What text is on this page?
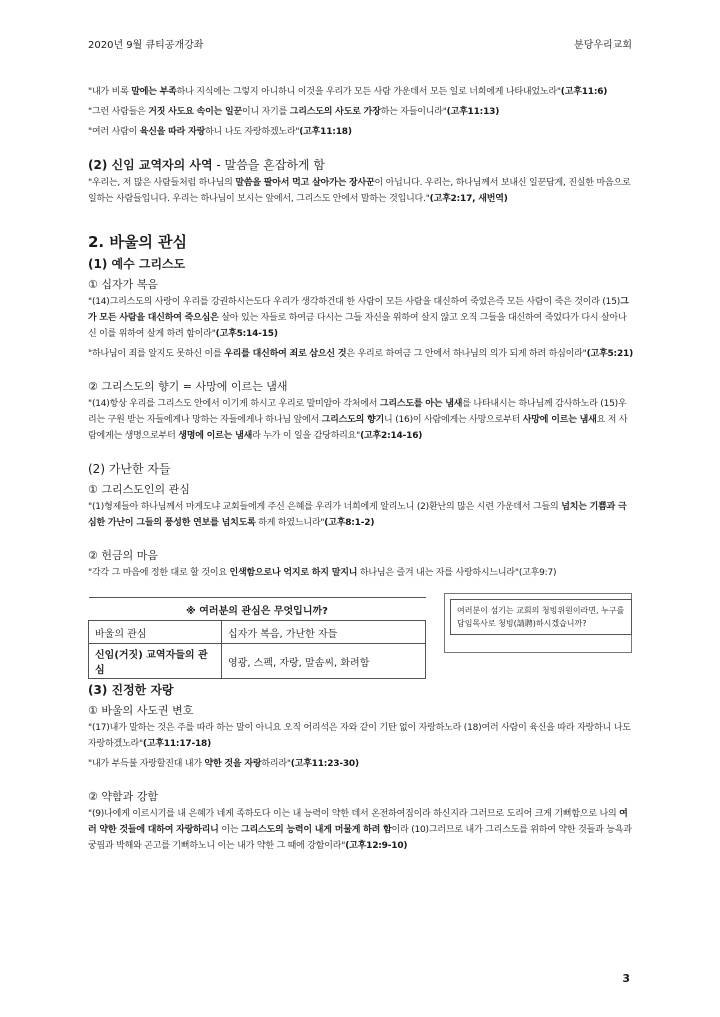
2020년 9월 큐티공개강좌	분당우리교회

"내가 비록 말에는 부족하나 지식에는 그렇지 아니하니 이것을 우리가 모든 사람 가운데서 모든 일로 너희에게 나타내었노라"(고후11:6)

"그런 사람들은 거짓 사도요 속이는 일꾼이니 자기를 그리스도의 사도로 가장하는 자들이니라"(고후11:13)

"여러 사람이 육신을 따라 자랑하니 나도 자랑하겠노라"(고후11:18)

(2) 신임 교역자의 사역 - 말씀을 혼잡하게 함

"우리는, 저 많은 사람들처럼 하나님의 말씀을 팔아서 먹고 살아가는 장사꾼이 아닙니다. 우리는, 하나님께서 보내신 일꾼답게, 진실한 마음으로 일하는 사람들입니다. 우리는 하나님이 보시는 앞에서, 그리스도 안에서 말하는 것입니다."(고후2:17, 새번역)

2. 바울의 관심
(1) 예수 그리스도
① 십자가 복음

"(14)그리스도의 사랑이 우리를 강권하시는도다 우리가 생각하건대 한 사람이 모든 사람을 대신하여 죽었은즉 모든 사람이 죽은 것이라 (15)그가 모든 사람을 대신하여 죽으심은 살아 있는 자들로 하여금 다시는 그들 자신을 위하여 살지 않고 오직 그들을 대신하여 죽었다가 다시 살아나신 이를 위하여 살게 하려 함이라"(고후5:14-15)

"하나님이 죄를 알지도 못하신 이를 우리를 대신하여 죄로 삼으신 것은 우리로 하여금 그 안에서 하나님의 의가 되게 하려 하심이라"(고후5:21)

② 그리스도의 향기 = 사망에 이르는 냄새

"(14)항상 우리를 그리스도 안에서 이기게 하시고 우리로 말미암아 각처에서 그리스도를 아는 냄새를 나타내시는 하나님께 감사하노라 (15)우리는 구원 받는 자들에게나 망하는 자들에게나 하나님 앞에서 그리스도의 향기니 (16)이 사람에게는 사망으로부터 사망에 이르는 냄새요 저 사람에게는 생명으로부터 생명에 이르는 냄새라 누가 이 일을 감당하리요"(고후2:14-16)

(2) 가난한 자들
① 그리스도인의 관심

"(1)형제들아 하나님께서 마게도냐 교회들에게 주신 은혜를 우리가 너희에게 알리노니 (2)환난의 많은 시련 가운데서 그들의 넘치는 기쁨과 극심한 가난이 그들의 풍성한 연보를 넘치도록 하게 하였느니라"(고후8:1-2)

② 헌금의 마음

"각각 그 마음에 정한 대로 할 것이요 인색함으로나 억지로 하지 말지니 하나님은 즐겨 내는 자를 사랑하시느니라"(고후9:7)

※ 여러분의 관심은 무엇입니까?	
바울의 관심	십자가 복음, 가난한 자들
신임(거짓) 교역자들의 관심	영광, 스펙, 자랑, 말솜씨, 화려함
여러분이 섬기는 교회의 청빙위원이라면, 누구를 담임목사로 청빙(請聘)하시겠습니까?
(3) 진정한 자랑
① 바울의 사도권 변호

"(17)내가 말하는 것은 주를 따라 하는 말이 아니요 오직 어리석은 자와 같이 기탄 없이 자랑하노라 (18)여러 사람이 육신을 따라 자랑하니 나도 자랑하겠노라"(고후11:17-18)

"내가 부득불 자랑할진대 내가 약한 것을 자랑하리라"(고후11:23-30)

② 약함과 강함

"(9)나에게 이르시기를 내 은혜가 네게 족하도다 이는 내 능력이 약한 데서 온전하여짐이라 하신지라 그러므로 도리어 크게 기뻐함으로 나의 여러 약한 것들에 대하여 자랑하리니 이는 그리스도의 능력이 내게 머물게 하려 함이라 (10)그러므로 내가 그리스도를 위하여 약한 것들과 능욕과 궁핍과 박해와 곤고를 기뻐하노니 이는 내가 약한 그 때에 강함이라"(고후12:9-10)

3
